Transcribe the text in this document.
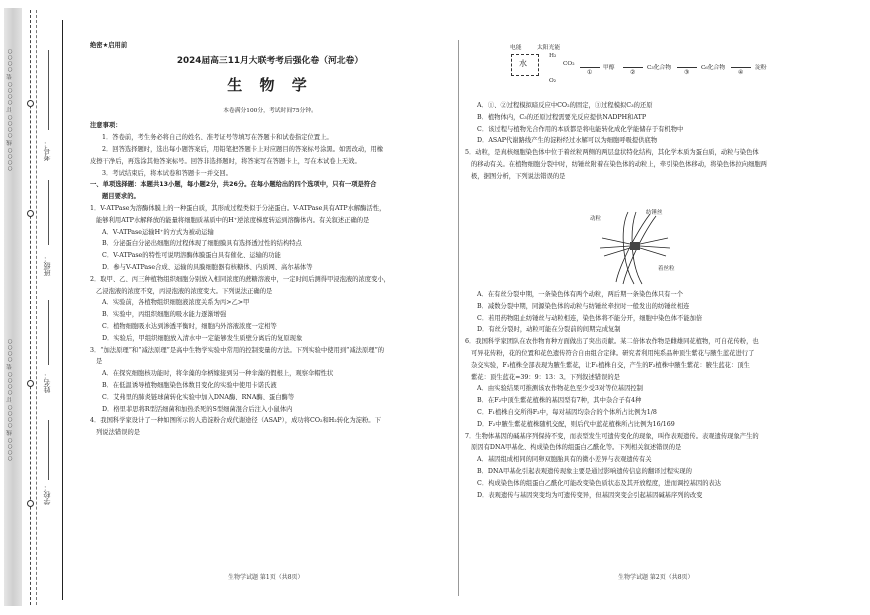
○○○○ 线 ○○○○ 订 ○○○○ 装 ○○○○
○○○○ 线 ○○○○ 订 ○○○○ 装 ○○○○
学校：
姓名：
班级：
考号：

绝密★启用前

2024届高三11月大联考考后强化卷（河北卷）

生 物 学

本卷满分100分，考试时间75分钟。

注意事项：

1．答卷前，考生务必将自己的姓名、准考证号等填写在答题卡和试卷指定位置上。

2．回答选择题时，选出每小题答案后，用铅笔把答题卡上对应题目的答案标号涂黑。如需改动，用橡

皮擦干净后，再选涂其他答案标号。回答非选择题时，将答案写在答题卡上，写在本试卷上无效。

3．考试结束后，将本试卷和答题卡一并交回。

一、单项选择题：本题共13小题，每小题2分，共26分。在每小题给出的四个选项中，只有一项是符合

题目要求的。

1．V-ATPase为溶酶体膜上的一种蛋白质，其形成过程类似于分泌蛋白。V-ATPase具有ATP水解酶活性，

能够利用ATP水解释放的能量将细胞质基质中的H⁺逆浓度梯度转运到溶酶体内。有关叙述正确的是

A．V-ATPase运输H⁺的方式为被动运输

B．分泌蛋白分泌出细胞的过程体现了细胞膜具有选择透过性的结构特点

C．V-ATPase的特性可说明溶酶体膜蛋白具有催化、运输的功能

D．参与V-ATPase合成、运输的具膜细胞器有核糖体、内质网、高尔基体等

2．取甲、乙、丙三种植物组织细胞分别放入相同浓度的蔗糖溶液中，一定时间后测得甲浸泡液的浓度变小，

乙浸泡液的浓度不变，丙浸泡液的浓度变大。下列说法正确的是

A．实验前，各植物组织细胞液浓度关系为丙>乙>甲

B．实验中，丙组织细胞的吸水能力逐渐增强

C．植物细胞吸水达到渗透平衡时，细胞内外溶液浓度一定相等

D．实验后，甲组织细胞放入清水中一定能够发生质壁分离后的复原现象

3．“加法原理”和“减法原理”是高中生物学实验中常用的控制变量的方法。下列实验中使用到“减法原理”的

是

A．在探究细胞核功能时，将伞藻的伞柄嫁接到另一种伞藻的假根上，观察伞帽性状

B．在低温诱导植物细胞染色体数目变化的实验中使用卡诺氏液

C．艾弗里的肺炎链球菌转化实验中加入DNA酶、RNA酶、蛋白酶等

D．格里菲思将R型活细菌和加热杀死的S型细菌混合后注入小鼠体内

4．我国科学家设计了一种如图所示的人造淀粉合成代谢途径（ASAP），成功将CO₂和H₂转化为淀粉。下

列说法错误的是

生物学试题 第1页（共8页）
电能	太阳光能
水
H₂
O₂
CO₂
①
甲醇
②
C₃化合物
③
C₆化合物
④
淀粉

A．①、②过程模拟暗反应中CO₂的固定，③过程模拟C₃的还原

B．植物体内，C₃的还原过程需要光反应提供NADPH和ATP

C．该过程与植物光合作用的本质都是将电能转化成化学能储存于有机物中

D．ASAP代谢路线产生的淀粉经过水解可以为细胞呼吸提供底物

5．动粒，是真核细胞染色体中位于着丝粒两侧的两层盘状特化结构，其化学本质为蛋白质，动粒与染色体

的移动有关。在植物细胞分裂中时，纺锤丝附着在染色体的动粒上，牵引染色体移动，将染色体拉向细胞两

极，据图分析，下列说法错误的是

动粒
纺锤丝
着丝粒

A．在有丝分裂中期，一条染色体有两个动粒，两后期一条染色体只有一个

B．减数分裂中期，同源染色体的动粒与纺锤丝牵拉时一般发出的纺锤丝相连

C．若用药物阻止纺锤丝与动粒相连，染色体将不能分开，细胞中染色体不能加倍

D．有丝分裂时，动粒可能在分裂前的间期完成复制

6．我国科学家团队在农作物育种方面做出了突出贡献。某二倍体农作物是雌雄同花植物，可自花传粉，也

可异花传粉，花的位置和花色遗传符合自由组合定律。研究者利用纯系品种顶生紫花与腋生蓝花进行了

杂交实验，F₁植株全部表现为腋生紫花，让F₁植株自交，产生的F₂植株中腋生紫花：腋生蓝花：顶生

紫花：顶生蓝花=39：9：13：3。下列叙述错误的是

A．由实验结果可推测该农作物花色至少受3对等位基因控制

B．在F₂中顶生紫花植株的基因型有7种，其中杂合子有4种

C．F₁植株自交所得F₂中，每对基因均杂合的个体所占比例为1/8

D．F₂中腋生紫花植株随机交配，则后代中蓝花植株所占比例为16/169

7．生物体基因的碱基序列保持不变，而表型发生可遗传变化的现象，叫作表观遗传。表观遗传现象产生的

原因有DNA甲基化、构成染色体的组蛋白乙酰化等。下列相关叙述错误的是

A．基因组成相同的同卵双胞胎具有的微小差异与表观遗传有关

B．DNA甲基化引起表观遗传现象主要是通过影响遗传信息的翻译过程实现的

C．构成染色体的组蛋白乙酰化可能改变染色质状态及其开放程度，进而调控基因的表达

D．表观遗传与基因突变均为可遗传变异，但基因突变会引起基因碱基序列的改变

生物学试题 第2页（共8页）
